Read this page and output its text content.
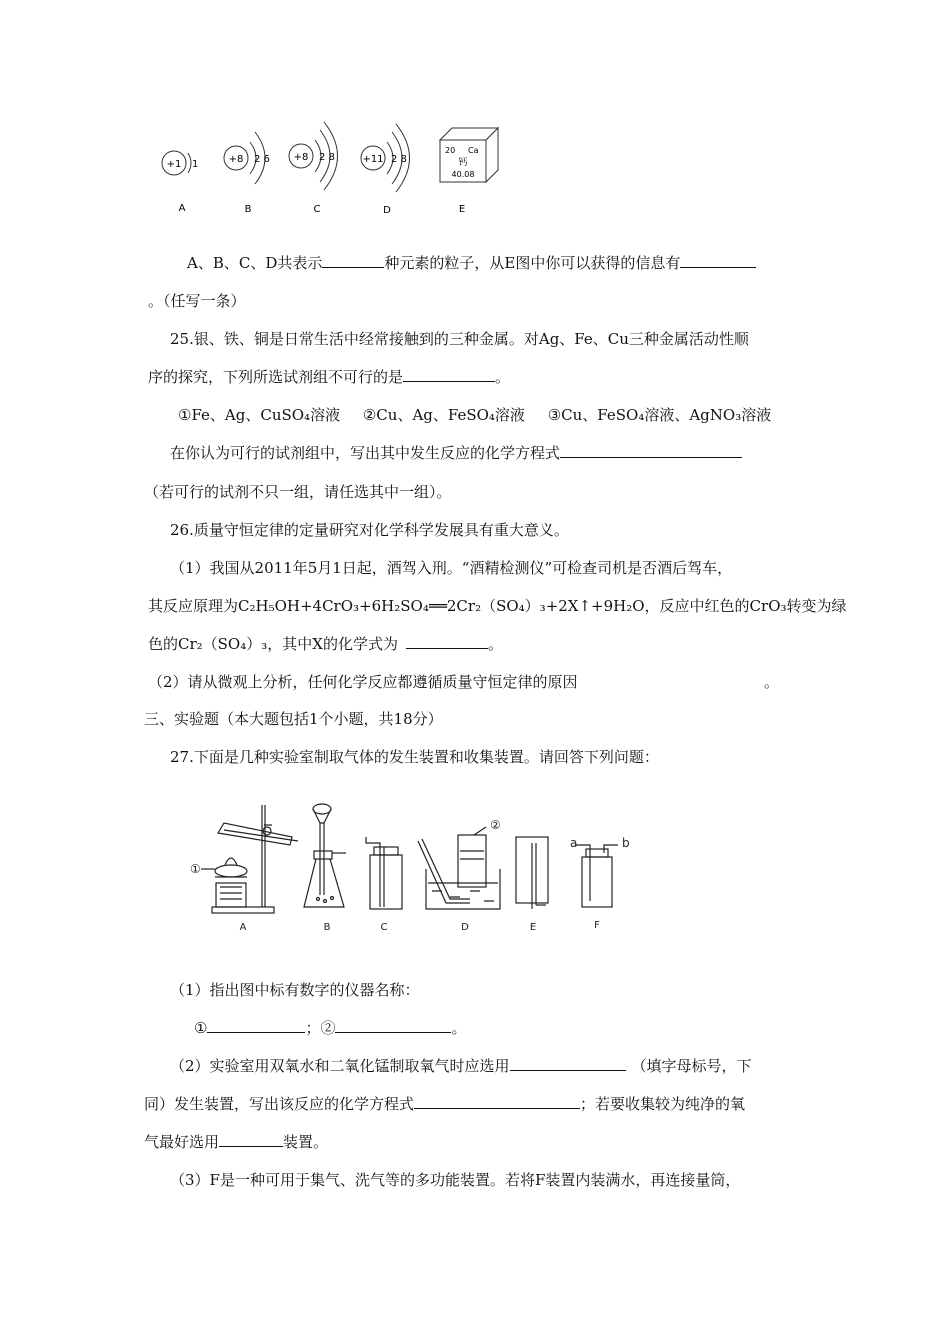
+1 1
A
+8 2 6
B
+8 2 8
C
+11 2 8
D
20 Ca
钙
40.08
E
A、B、C、D共表示	种元素的粒子，从E图中你可以获得的信息有
。（任写一条）
25.银、铁、铜是日常生活中经常接触到的三种金属。对Ag、Fe、Cu三种金属活动性顺
序的探究，下列所选试剂组不可行的是	。
①Fe、Ag、CuSO₄溶液 ②Cu、Ag、FeSO₄溶液 ③Cu、FeSO₄溶液、AgNO₃溶液
在你认为可行的试剂组中，写出其中发生反应的化学方程式
（若可行的试剂不只一组，请任选其中一组）。
26.质量守恒定律的定量研究对化学科学发展具有重大意义。
（1）我国从2011年5月1日起，酒驾入刑。“酒精检测仪”可检查司机是否酒后驾车，
其反应原理为C₂H₅OH+4CrO₃+6H₂SO₄══2Cr₂（SO₄）₃+2X↑+9H₂O，反应中红色的CrO₃转变为绿
色的Cr₂（SO₄）₃，其中X的化学式为	。
（2）请从微观上分析，任何化学反应都遵循质量守恒定律的原因	。
三、实验题（本大题包括1个小题，共18分）
27.下面是几种实验室制取气体的发生装置和收集装置。请回答下列问题：
①
A	B	C
②
D	E
a	b
F
（1）指出图中标有数字的仪器名称：
①	；②	。
（2）实验室用双氧水和二氧化锰制取氧气时应选用	（填字母标号，下
同）发生装置，写出该反应的化学方程式	；若要收集较为纯净的氧
气最好选用	装置。
（3）F是一种可用于集气、洗气等的多功能装置。若将F装置内装满水，再连接量筒，
